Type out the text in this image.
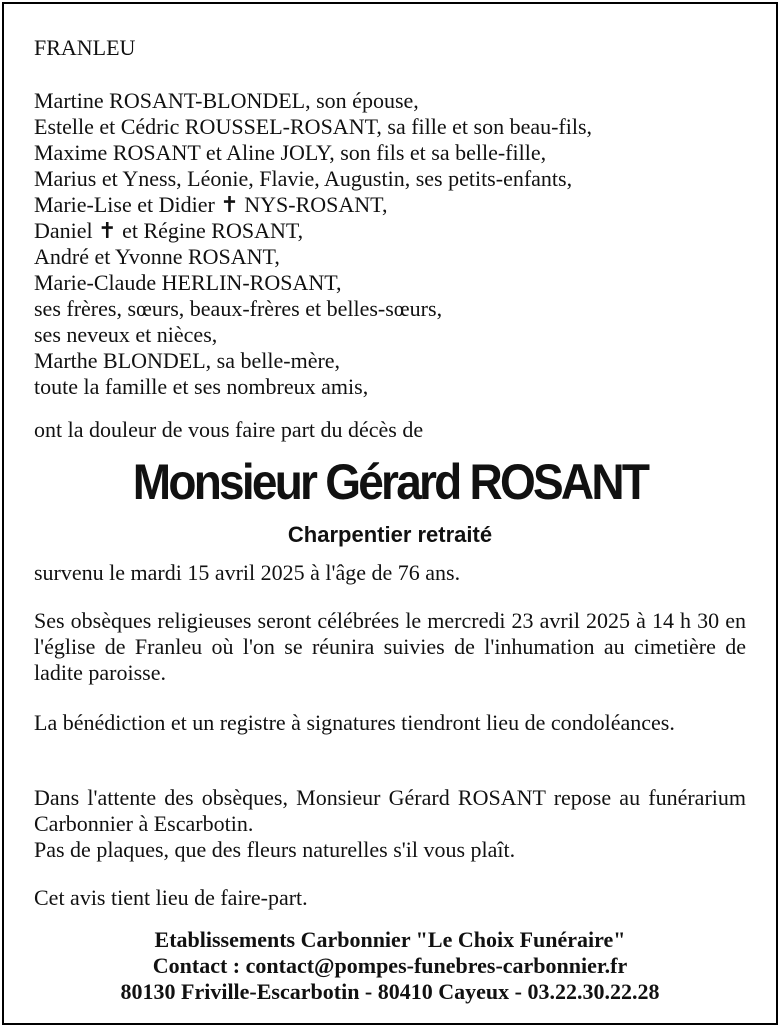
FRANLEU
Martine ROSANT-BLONDEL, son épouse,
Estelle et Cédric ROUSSEL-ROSANT, sa fille et son beau-fils,
Maxime ROSANT et Aline JOLY, son fils et sa belle-fille,
Marius et Yness, Léonie, Flavie, Augustin, ses petits-enfants,
Marie-Lise et Didier ✝ NYS-ROSANT,
Daniel ✝ et Régine ROSANT,
André et Yvonne ROSANT,
Marie-Claude HERLIN-ROSANT,
ses frères, sœurs, beaux-frères et belles-sœurs,
ses neveux et nièces,
Marthe BLONDEL, sa belle-mère,
toute la famille et ses nombreux amis,
ont la douleur de vous faire part du décès de
Monsieur Gérard ROSANT
Charpentier retraité
survenu le mardi 15 avril 2025 à l'âge de 76 ans.
Ses obsèques religieuses seront célébrées le mercredi 23 avril 2025 à 14 h 30 en l'église de Franleu où l'on se réunira suivies de l'inhumation au cimetière de ladite paroisse.
La bénédiction et un registre à signatures tiendront lieu de condoléances.
Dans l'attente des obsèques, Monsieur Gérard ROSANT repose au funérarium Carbonnier à Escarbotin.
Pas de plaques, que des fleurs naturelles s'il vous plaît.
Cet avis tient lieu de faire-part.
Etablissements Carbonnier "Le Choix Funéraire"
Contact : contact@pompes-funebres-carbonnier.fr
80130 Friville-Escarbotin - 80410 Cayeux - 03.22.30.22.28
